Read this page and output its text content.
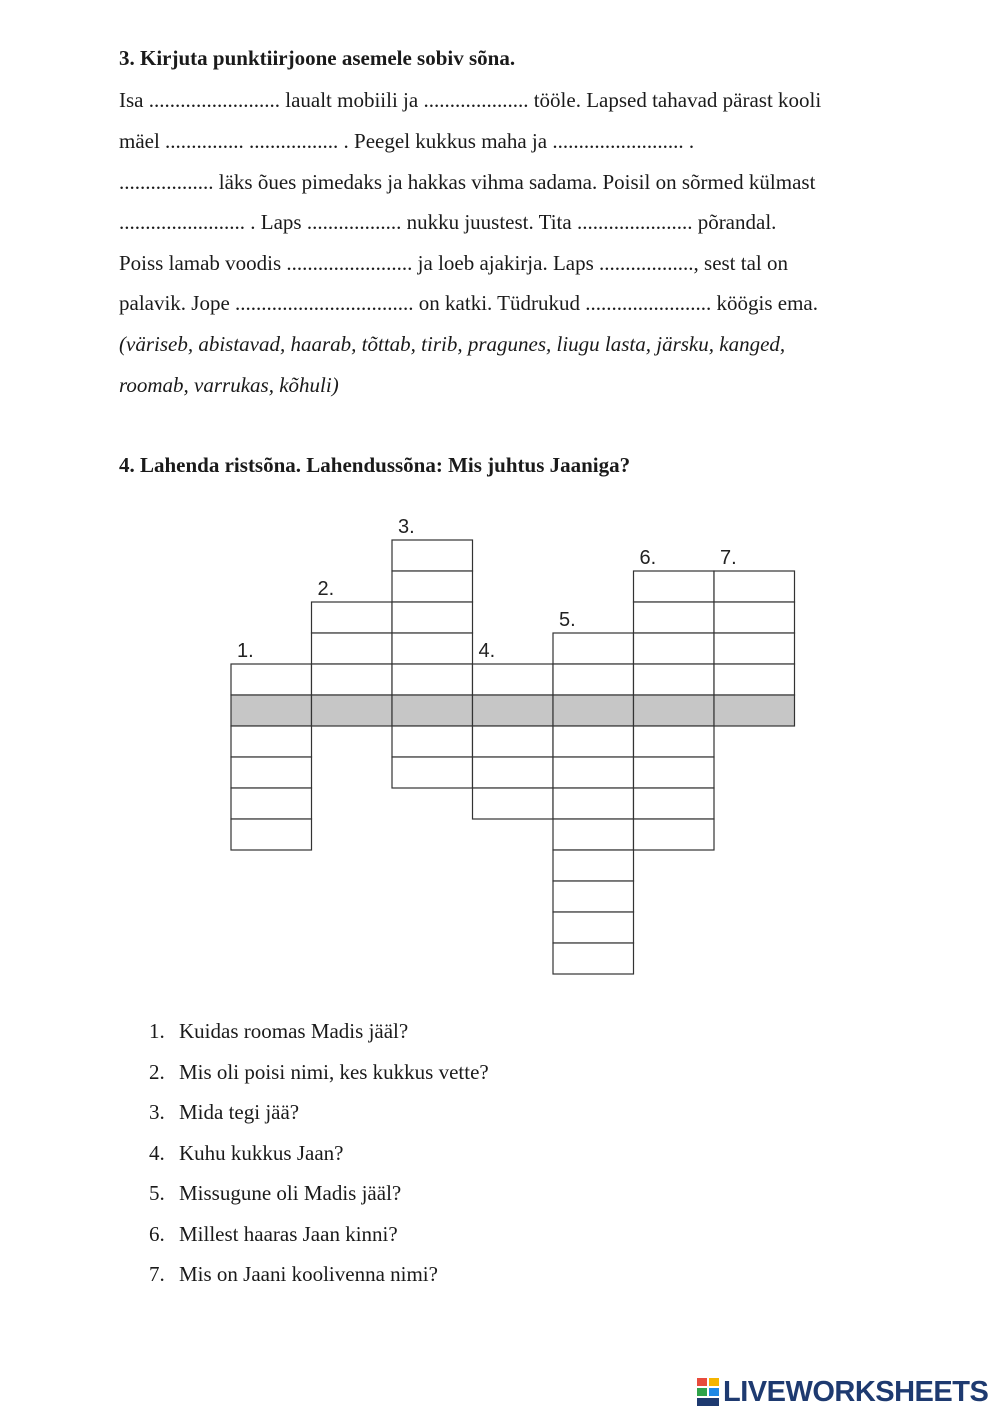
3. Kirjuta punktiirjoone asemele sobiv sõna.
Isa ......................... laualt mobiili ja .................... tööle. Lapsed tahavad pärast kooli
mäel ............... ................. . Peegel kukkus maha ja ......................... .
.................. läks õues pimedaks ja hakkas vihma sadama. Poisil on sõrmed külmast
........................ . Laps .................. nukku juustest. Tita ...................... põrandal.
Poiss lamab voodis ........................ ja loeb ajakirja. Laps .................., sest tal on
palavik. Jope .................................. on katki. Tüdrukud ........................ köögis ema.
(väriseb, abistavad, haarab, tõttab, tirib, pragunes, liugu lasta, järsku, kanged,
roomab, varrukas, kõhuli)
4. Lahenda ristsõna. Lahendussõna: Mis juhtus Jaaniga?
1.
2.
3.
4.
5.
6.	7.
1. Kuidas roomas Madis jääl?
2. Mis oli poisi nimi, kes kukkus vette?
3. Mida tegi jää?
4. Kuhu kukkus Jaan?
5. Missugune oli Madis jääl?
6. Millest haaras Jaan kinni?
7. Mis on Jaani koolivenna nimi?
LIVEWORKSHEETS
